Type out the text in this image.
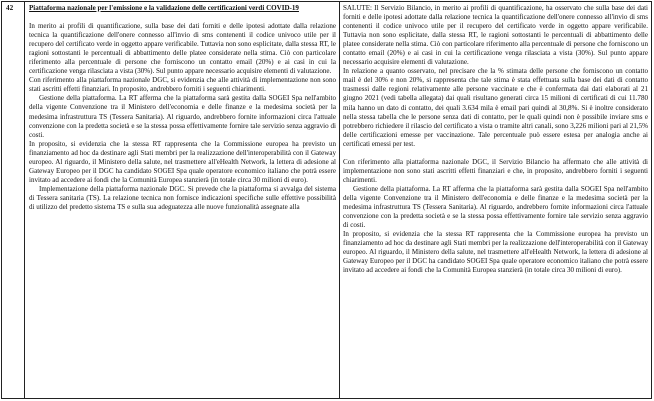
42	Piattaforma nazionale per l'emissione e la validazione delle certificazioni verdi COVID-19

In merito ai profili di quantificazione, sulla base dei dati forniti e delle ipotesi adottate dalla relazione tecnica la quantificazione dell'onere connesso all'invio di sms contenenti il codice univoco utile per il recupero del certificato verde in oggetto appare verificabile. Tuttavia non sono esplicitate, dalla stessa RT, le ragioni sottostanti le percentuali di abbattimento delle platee considerate nella stima. Ciò con particolare riferimento alla percentuale di persone che forniscono un contatto email (20%) e ai casi in cui la certificazione venga rilasciata a vista (30%). Sul punto appare necessario acquisire elementi di valutazione.

Con riferimento alla piattaforma nazionale DGC, si evidenzia che alle attività di implementazione non sono stati ascritti effetti finanziari. In proposito, andrebbero forniti i seguenti chiarimenti.

Gestione della piattaforma. La RT afferma che la piattaforma sarà gestita dalla SOGEI Spa nell'ambito della vigente Convenzione tra il Ministero dell'economia e delle finanze e la medesima società per la medesima infrastruttura TS (Tessera Sanitaria). Al riguardo, andrebbero fornite informazioni circa l'attuale convenzione con la predetta società e se la stessa possa effettivamente fornire tale servizio senza aggravio di costi.

In proposito, si evidenzia che la stessa RT rappresenta che la Commissione europea ha previsto un finanziamento ad hoc da destinare agli Stati membri per la realizzazione dell'interoperabilità con il Gateway europeo. Al riguardo, il Ministero della salute, nel trasmettere all'eHealth Network, la lettera di adesione al Gateway Europeo per il DGC ha candidato SOGEI Spa quale operatore economico italiano che potrà essere invitato ad accedere ai fondi che la Comunità Europea stanzierà (in totale circa 30 milioni di euro).

Implementazione della piattaforma nazionale DGC. Si prevede che la piattaforma si avvalga del sistema di Tessera sanitaria (TS). La relazione tecnica non fornisce indicazioni specifiche sulle effettive possibilità di utilizzo del predetto sistema TS e sulla sua adeguatezza alle nuove funzionalità assegnate alla

SALUTE: Il Servizio Bilancio, in merito ai profili di quantificazione, ha osservato che sulla base dei dati forniti e delle ipotesi adottate dalla relazione tecnica la quantificazione dell'onere connesso all'invio di sms contenenti il codice univoco utile per il recupero del certificato verde in oggetto appare verificabile. Tuttavia non sono esplicitate, dalla stessa RT, le ragioni sottostanti le percentuali di abbattimento delle platee considerate nella stima. Ciò con particolare riferimento alla percentuale di persone che forniscono un contatto email (20%) e ai casi in cui la certificazione venga rilasciata a vista (30%). Sul punto appare necessario acquisire elementi di valutazione.

In relazione a quanto osservato, nel precisare che la % stimata delle persone che forniscono un contatto mail è del 30% e non 20%, si rappresenta che tale stima è stata effettuata sulla base dei dati di contatto trasmessi dalle regioni relativamente alle persone vaccinate e che è confermata dai dati elaborati al 21 giugno 2021 (vedi tabella allegata) dai quali risultano generati circa 15 milioni di certificati di cui 11.780 mila hanno un dato di contatto, dei quali 3.634 mila è email pari quindi al 30,8%. Si è inoltre considerato nella stessa tabella che le persone senza dati di contatto, per le quali quindi non è possibile inviare sms e potrebbero richiedere il rilascio del certificato a vista o tramite altri canali, sono 3,226 milioni pari al 21,5% delle certificazioni emesse per vaccinazione. Tale percentuale può essere estesa per analogia anche ai certificati emessi per test.

Con riferimento alla piattaforma nazionale DGC, il Servizio Bilancio ha affermato che alle attività di implementazione non sono stati ascritti effetti finanziari e che, in proposito, andrebbero forniti i seguenti chiarimenti.

Gestione della piattaforma. La RT afferma che la piattaforma sarà gestita dalla SOGEI Spa nell'ambito della vigente Convenzione tra il Ministero dell'economia e delle finanze e la medesima società per la medesima infrastruttura TS (Tessera Sanitaria). Al riguardo, andrebbero fornite informazioni circa l'attuale convenzione con la predetta società e se la stessa possa effettivamente fornire tale servizio senza aggravio di costi.

In proposito, si evidenzia che la stessa RT rappresenta che la Commissione europea ha previsto un finanziamento ad hoc da destinare agli Stati membri per la realizzazione dell'interoperabilità con il Gateway europeo. Al riguardo, il Ministero della salute, nel trasmettere all'eHealth Network, la lettera di adesione al Gateway Europeo per il DGC ha candidato SOGEI Spa quale operatore economico italiano che potrà essere invitato ad accedere ai fondi che la Comunità Europea stanzierà (in totale circa 30 milioni di euro).
